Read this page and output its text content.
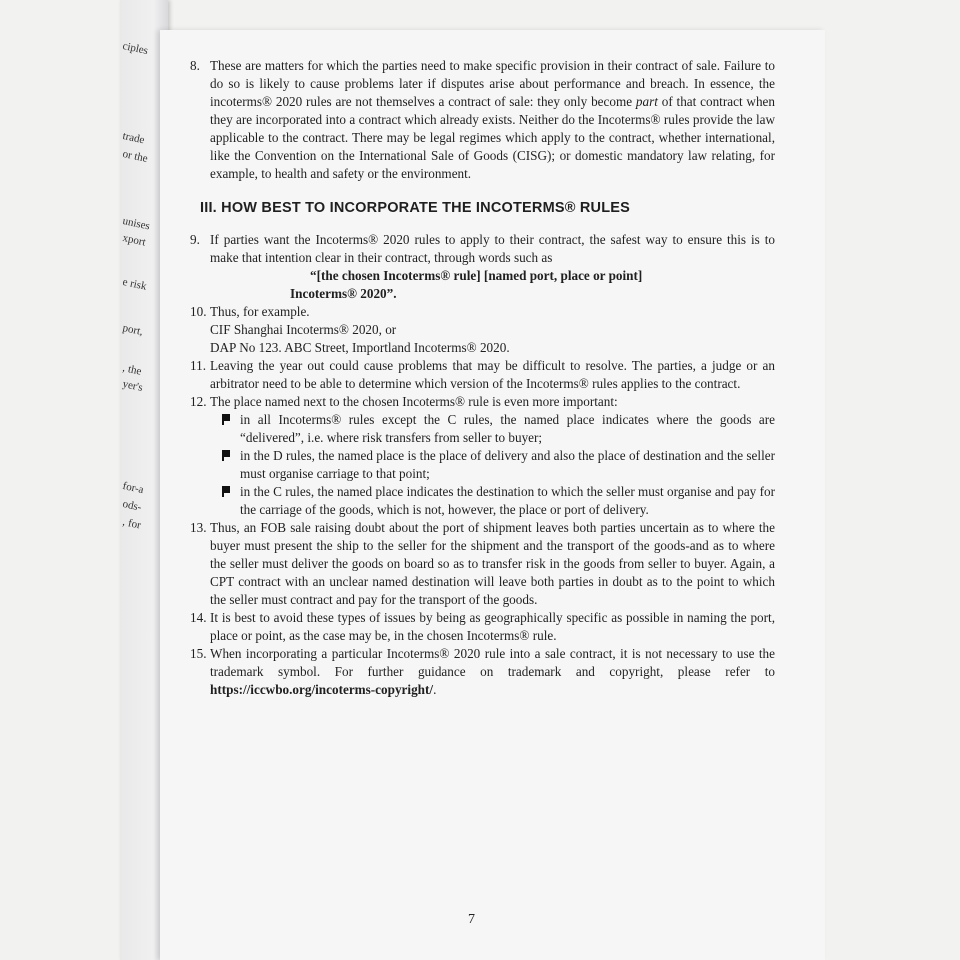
ciples
trade
or the
unises
xport
e risk
port,
, the
yer's
for-a
ods-
, for

8. These are matters for which the parties need to make specific provision in their contract of sale. Failure to do so is likely to cause problems later if disputes arise about performance and breach. In essence, the incoterms® 2020 rules are not themselves a contract of sale: they only become part of that contract when they are incorporated into a contract which already exists. Neither do the Incoterms® rules provide the law applicable to the contract. There may be legal regimes which apply to the contract, whether international, like the Convention on the International Sale of Goods (CISG); or domestic mandatory law relating, for example, to health and safety or the environment.

III. HOW BEST TO INCORPORATE THE INCOTERMS® RULES

9. If parties want the Incoterms® 2020 rules to apply to their contract, the safest way to ensure this is to make that intention clear in their contract, through words such as

“[the chosen Incoterms® rule] [named port, place or point]
Incoterms® 2020”.

10. Thus, for example.

CIF Shanghai Incoterms® 2020, or

DAP No 123. ABC Street, Importland Incoterms® 2020.

11. Leaving the year out could cause problems that may be difficult to resolve. The parties, a judge or an arbitrator need to be able to determine which version of the Incoterms® rules applies to the contract.

12. The place named next to the chosen Incoterms® rule is even more important:

in all Incoterms® rules except the C rules, the named place indicates where the goods are “delivered”, i.e. where risk transfers from seller to buyer;
in the D rules, the named place is the place of delivery and also the place of destination and the seller must organise carriage to that point;
in the C rules, the named place indicates the destination to which the seller must organise and pay for the carriage of the goods, which is not, however, the place or port of delivery.

13. Thus, an FOB sale raising doubt about the port of shipment leaves both parties uncertain as to where the buyer must present the ship to the seller for the shipment and the transport of the goods-and as to where the seller must deliver the goods on board so as to transfer risk in the goods from seller to buyer. Again, a CPT contract with an unclear named destination will leave both parties in doubt as to the point to which the seller must contract and pay for the transport of the goods.

14. It is best to avoid these types of issues by being as geographically specific as possible in naming the port, place or point, as the case may be, in the chosen Incoterms® rule.

15. When incorporating a particular Incoterms® 2020 rule into a sale contract, it is not necessary to use the trademark symbol. For further guidance on trademark and copyright, please refer to https://iccwbo.org/incoterms-copyright/.

7
